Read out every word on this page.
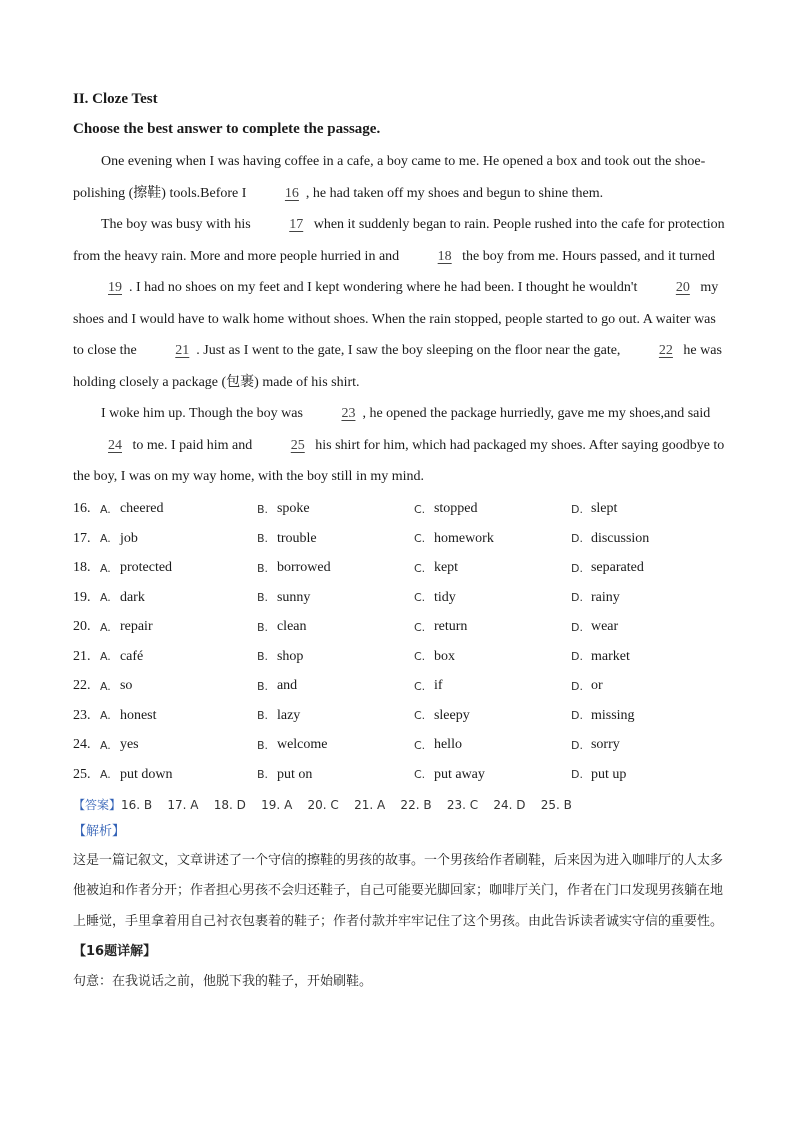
II. Cloze Test
Choose the best answer to complete the passage.

One evening when I was having coffee in a cafe, a boy came to me. He opened a box and took out the shoe-polishing (擦鞋) tools.Before I	16 , he had taken off my shoes and begun to shine them.

The boy was busy with his	17 when it suddenly began to rain. People rushed into the cafe for protection from the heavy rain. More and more people hurried in and	18 the boy from me. Hours passed, and it turned 19 . I had no shoes on my feet and I kept wondering where he had been. I thought he wouldn't	20 my shoes and I would have to walk home without shoes. When the rain stopped, people started to go out. A waiter was to close the	21 . Just as I went to the gate, I saw the boy sleeping on the floor near the gate,	22 he was holding closely a package (包裹) made of his shirt.

I woke him up. Though the boy was	23 , he opened the package hurriedly, gave me my shoes,and said 24 to me. I paid him and	25 his shirt for him, which had packaged my shoes. After saying goodbye to the boy, I was on my way home, with the boy still in my mind.

16. A. cheered	B. spoke	C. stopped	D. slept
17. A. job	B. trouble	C. homework	D. discussion
18. A. protected	B. borrowed	C. kept	D. separated
19. A. dark	B. sunny	C. tidy	D. rainy
20. A. repair	B. clean	C. return	D. wear
21. A. café	B. shop	C. box	D. market
22. A. so	B. and	C. if	D. or
23. A. honest	B. lazy	C. sleepy	D. missing
24. A. yes	B. welcome	C. hello	D. sorry
25. A. put down	B. put on	C. put away	D. put up
【答案】16. B    17. A    18. D    19. A    20. C    21. A    22. B    23. C    24. D    25. B
【解析】

这是一篇记叙文，文章讲述了一个守信的擦鞋的男孩的故事。一个男孩给作者刷鞋，后来因为进入咖啡厅的人太多他被迫和作者分开；作者担心男孩不会归还鞋子，自己可能要光脚回家；咖啡厅关门，作者在门口发现男孩躺在地上睡觉，手里拿着用自己衬衣包裹着的鞋子；作者付款并牢牢记住了这个男孩。由此告诉读者诚实守信的重要性。

【16题详解】

句意：在我说话之前，他脱下我的鞋子，开始刷鞋。
